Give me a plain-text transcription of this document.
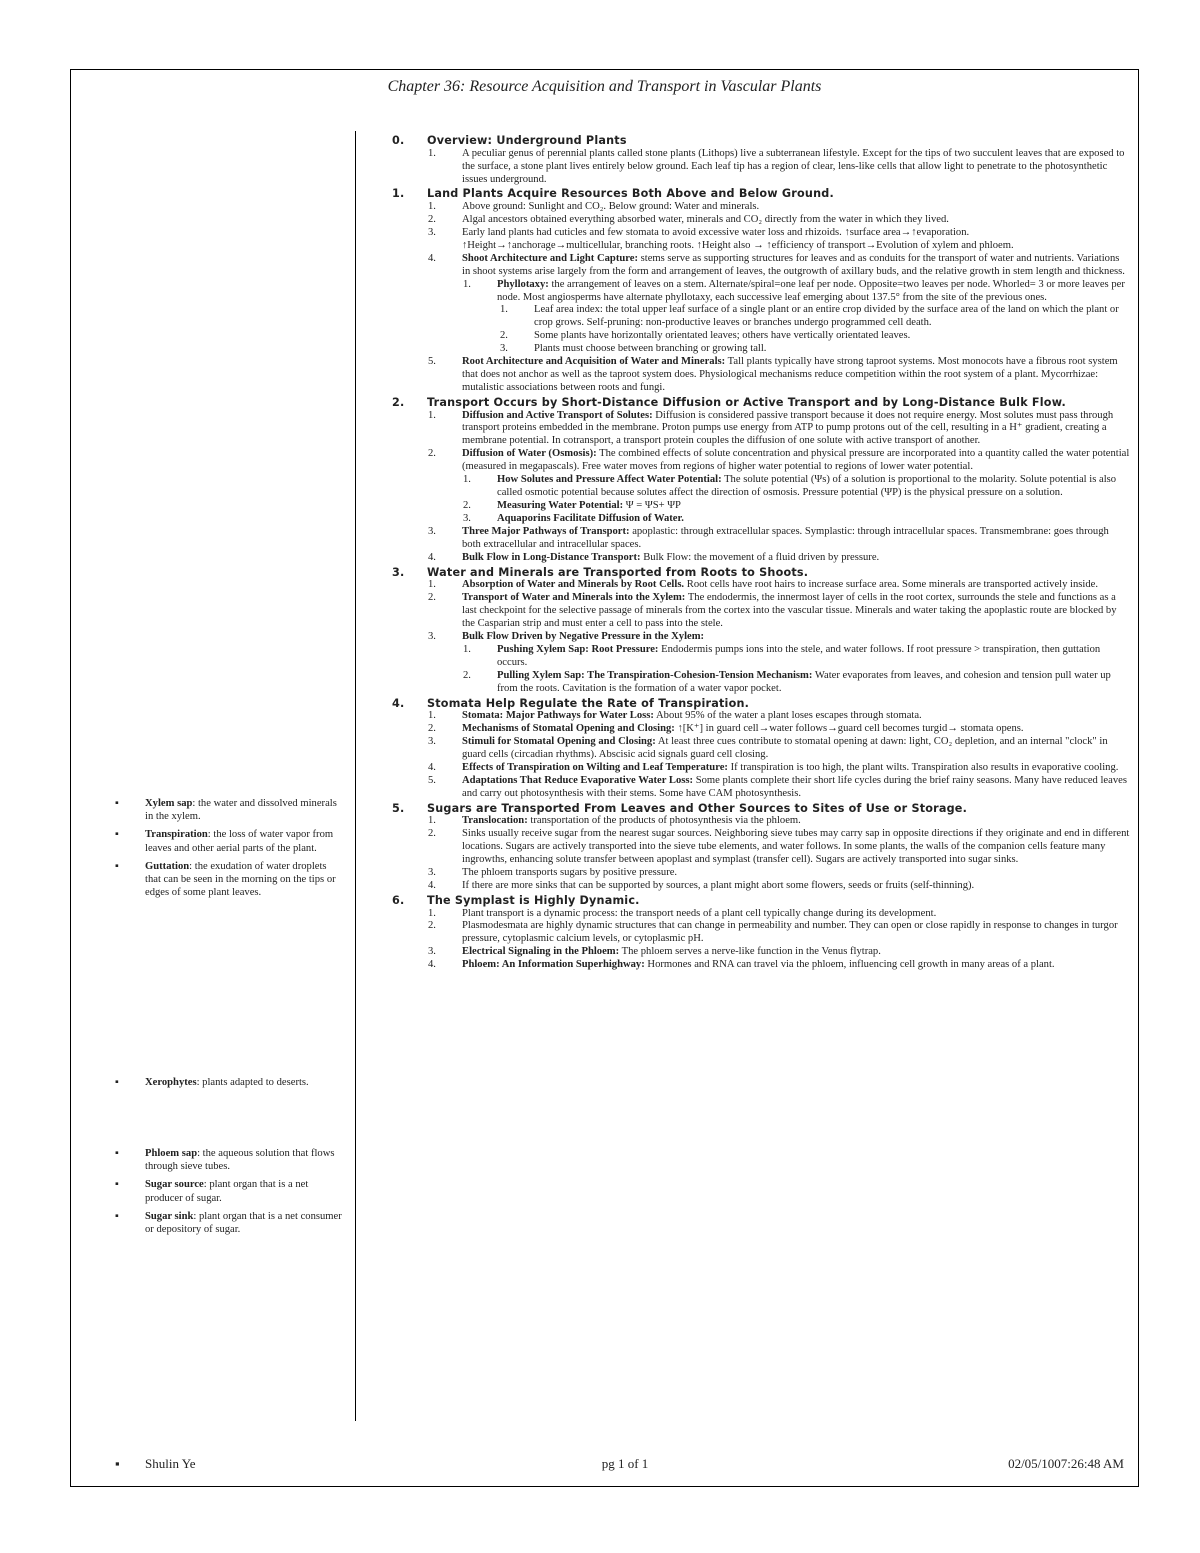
Chapter 36: Resource Acquisition and Transport in Vascular Plants
0. Overview: Underground Plants
1. A peculiar genus of perennial plants called stone plants (Lithops) live a subterranean lifestyle. Except for the tips of two succulent leaves that are exposed to the surface, a stone plant lives entirely below ground. Each leaf tip has a region of clear, lens-like cells that allow light to penetrate to the photosynthetic issues underground.
1. Land Plants Acquire Resources Both Above and Below Ground.
1. Above ground: Sunlight and CO₂. Below ground: Water and minerals.
2. Algal ancestors obtained everything absorbed water, minerals and CO₂ directly from the water in which they lived.
3. Early land plants had cuticles and few stomata to avoid excessive water loss and rhizoids. ↑surface area→↑evaporation. ↑Height→↑anchorage→multicellular, branching roots. ↑Height also → ↑efficiency of transport→Evolution of xylem and phloem.
4. Shoot Architecture and Light Capture: stems serve as supporting structures for leaves and as conduits for the transport of water and nutrients. Variations in shoot systems arise largely from the form and arrangement of leaves, the outgrowth of axillary buds, and the relative growth in stem length and thickness.
1. Phyllotaxy: the arrangement of leaves on a stem. Alternate/spiral=one leaf per node. Opposite=two leaves per node. Whorled= 3 or more leaves per node. Most angiosperms have alternate phyllotaxy, each successive leaf emerging about 137.5° from the site of the previous ones.
1. Leaf area index: the total upper leaf surface of a single plant or an entire crop divided by the surface area of the land on which the plant or crop grows. Self-pruning: non-productive leaves or branches undergo programmed cell death.
2. Some plants have horizontally orientated leaves; others have vertically orientated leaves.
3. Plants must choose between branching or growing tall.
5. Root Architecture and Acquisition of Water and Minerals: Tall plants typically have strong taproot systems. Most monocots have a fibrous root system that does not anchor as well as the taproot system does. Physiological mechanisms reduce competition within the root system of a plant. Mycorrhizae: mutalistic associations between roots and fungi.
2. Transport Occurs by Short-Distance Diffusion or Active Transport and by Long-Distance Bulk Flow.
1. Diffusion and Active Transport of Solutes: Diffusion is considered passive transport because it does not require energy. Most solutes must pass through transport proteins embedded in the membrane. Proton pumps use energy from ATP to pump protons out of the cell, resulting in a H⁺ gradient, creating a membrane potential. In cotransport, a transport protein couples the diffusion of one solute with active transport of another.
2. Diffusion of Water (Osmosis): The combined effects of solute concentration and physical pressure are incorporated into a quantity called the water potential (measured in megapascals). Free water moves from regions of higher water potential to regions of lower water potential.
1. How Solutes and Pressure Affect Water Potential: The solute potential (Ψs) of a solution is proportional to the molarity. Solute potential is also called osmotic potential because solutes affect the direction of osmosis. Pressure potential (ΨP) is the physical pressure on a solution.
2. Measuring Water Potential: Ψ = ΨS+ ΨP
3. Aquaporins Facilitate Diffusion of Water.
3. Three Major Pathways of Transport: apoplastic: through extracellular spaces. Symplastic: through intracellular spaces. Transmembrane: goes through both extracellular and intracellular spaces.
4. Bulk Flow in Long-Distance Transport: Bulk Flow: the movement of a fluid driven by pressure.
3. Water and Minerals are Transported from Roots to Shoots.
1. Absorption of Water and Minerals by Root Cells. Root cells have root hairs to increase surface area. Some minerals are transported actively inside.
2. Transport of Water and Minerals into the Xylem: The endodermis, the innermost layer of cells in the root cortex, surrounds the stele and functions as a last checkpoint for the selective passage of minerals from the cortex into the vascular tissue. Minerals and water taking the apoplastic route are blocked by the Casparian strip and must enter a cell to pass into the stele.
3. Bulk Flow Driven by Negative Pressure in the Xylem:
1. Pushing Xylem Sap: Root Pressure: Endodermis pumps ions into the stele, and water follows. If root pressure > transpiration, then guttation occurs.
2. Pulling Xylem Sap: The Transpiration-Cohesion-Tension Mechanism: Water evaporates from leaves, and cohesion and tension pull water up from the roots. Cavitation is the formation of a water vapor pocket.
4. Stomata Help Regulate the Rate of Transpiration.
1. Stomata: Major Pathways for Water Loss: About 95% of the water a plant loses escapes through stomata.
2. Mechanisms of Stomatal Opening and Closing: ↑[K⁺] in guard cell→water follows→guard cell becomes turgid→ stomata opens.
3. Stimuli for Stomatal Opening and Closing: At least three cues contribute to stomatal opening at dawn: light, CO₂ depletion, and an internal "clock" in guard cells (circadian rhythms). Abscisic acid signals guard cell closing.
4. Effects of Transpiration on Wilting and Leaf Temperature: If transpiration is too high, the plant wilts. Transpiration also results in evaporative cooling.
5. Adaptations That Reduce Evaporative Water Loss: Some plants complete their short life cycles during the brief rainy seasons. Many have reduced leaves and carry out photosynthesis with their stems. Some have CAM photosynthesis.
5. Sugars are Transported From Leaves and Other Sources to Sites of Use or Storage.
1. Translocation: transportation of the products of photosynthesis via the phloem.
2. Sinks usually receive sugar from the nearest sugar sources. Neighboring sieve tubes may carry sap in opposite directions if they originate and end in different locations. Sugars are actively transported into the sieve tube elements, and water follows. In some plants, the walls of the companion cells feature many ingrowths, enhancing solute transfer between apoplast and symplast (transfer cell). Sugars are actively transported into sugar sinks.
3. The phloem transports sugars by positive pressure.
4. If there are more sinks that can be supported by sources, a plant might abort some flowers, seeds or fruits (self-thinning).
6. The Symplast is Highly Dynamic.
1. Plant transport is a dynamic process: the transport needs of a plant cell typically change during its development.
2. Plasmodesmata are highly dynamic structures that can change in permeability and number. They can open or close rapidly in response to changes in turgor pressure, cytoplasmic calcium levels, or cytoplasmic pH.
3. Electrical Signaling in the Phloem: The phloem serves a nerve-like function in the Venus flytrap.
4. Phloem: An Information Superhighway: Hormones and RNA can travel via the phloem, influencing cell growth in many areas of a plant.
▪ Xylem sap: the water and dissolved minerals in the xylem.
▪ Transpiration: the loss of water vapor from leaves and other aerial parts of the plant.
▪ Guttation: the exudation of water droplets that can be seen in the morning on the tips or edges of some plant leaves.
▪ Xerophytes: plants adapted to deserts.
▪ Phloem sap: the aqueous solution that flows through sieve tubes.
▪ Sugar source: plant organ that is a net producer of sugar.
▪ Sugar sink: plant organ that is a net consumer or depository of sugar.
▪ Shulin Ye	pg 1 of 1	02/05/1007:26:48 AM
